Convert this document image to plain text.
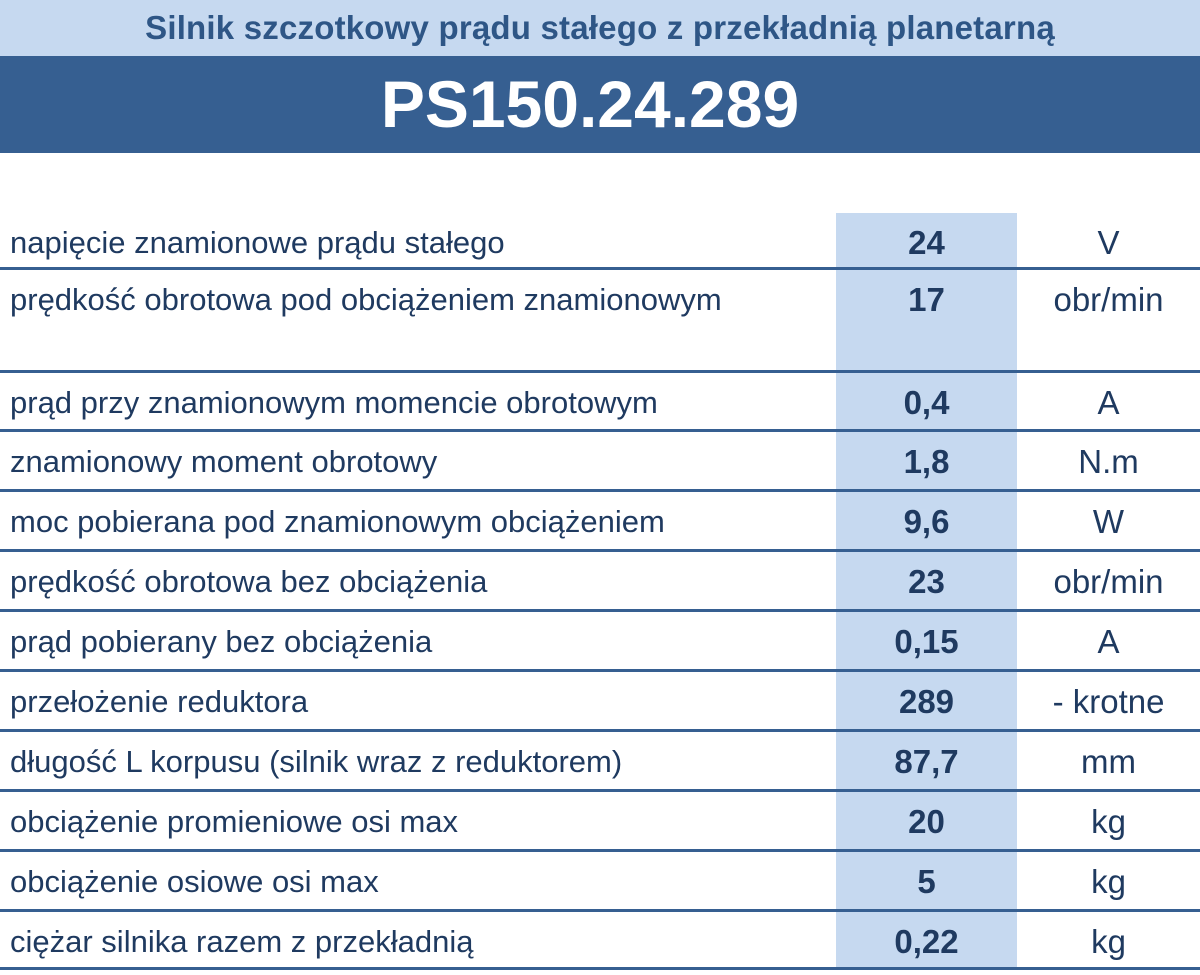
Silnik szczotkowy prądu stałego z przekładnią planetarną
PS150.24.289
napięcie znamionowe prądu stałego	24	V
prędkość obrotowa pod obciążeniem znamionowym	17	obr/min
prąd przy znamionowym momencie obrotowym	0,4	A
znamionowy moment obrotowy	1,8	N.m
moc pobierana pod znamionowym obciążeniem	9,6	W
prędkość obrotowa bez obciążenia	23	obr/min
prąd pobierany bez obciążenia	0,15	A
przełożenie reduktora	289	- krotne
długość L korpusu (silnik wraz z reduktorem)	87,7	mm
obciążenie promieniowe osi max	20	kg
obciążenie osiowe osi max	5	kg
ciężar silnika razem z przekładnią	0,22	kg
